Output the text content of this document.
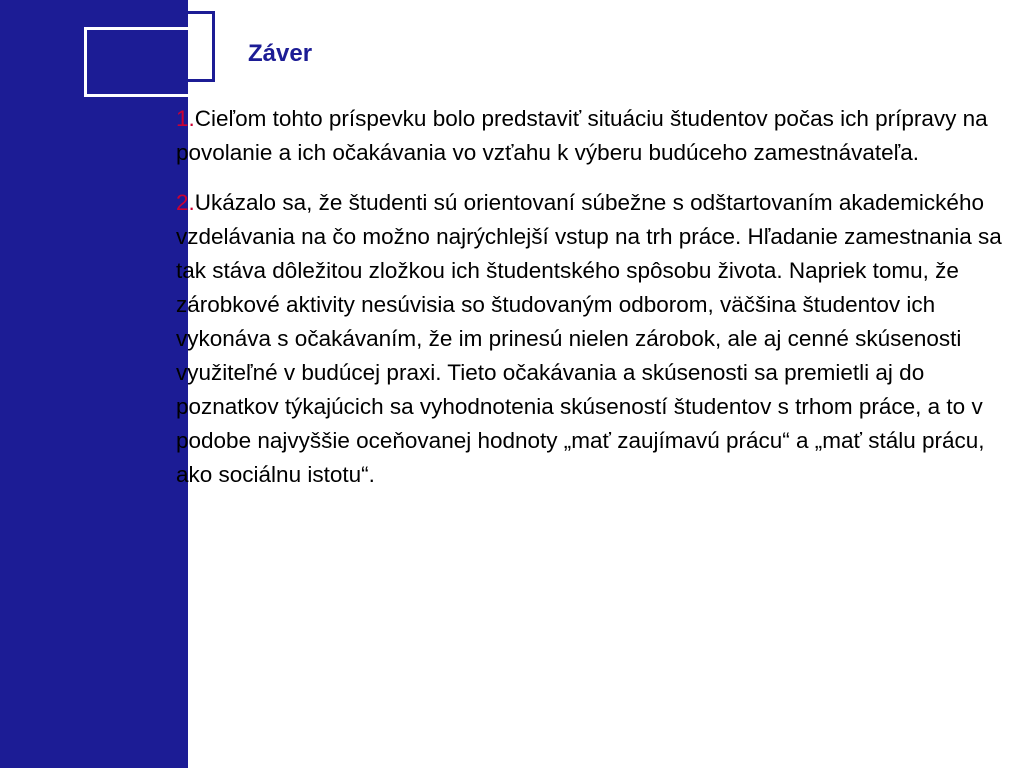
Záver
1.Cieľom tohto príspevku bolo predstaviť situáciu študentov počas ich prípravy na povolanie a ich očakávania vo vzťahu k výberu budúceho zamestnávateľa.
2.Ukázalo sa, že študenti sú orientovaní súbežne s odštartovaním akademického vzdelávania na čo možno najrýchlejší vstup na trh práce. Hľadanie zamestnania sa tak stáva dôležitou zložkou ich študentského spôsobu života. Napriek tomu, že zárobkové aktivity nesúvisia so študovaným odborom, väčšina študentov ich vykonáva s očakávaním, že im prinesú nielen zárobok, ale aj cenné skúsenosti využiteľné v budúcej praxi. Tieto očakávania a skúsenosti sa premietli aj do poznatkov týkajúcich sa vyhodnotenia skúseností študentov s trhom práce, a to v podobe najvyššie oceňovanej hodnoty „mať zaujímavú prácu“ a „mať stálu prácu, ako sociálnu istotu“.
